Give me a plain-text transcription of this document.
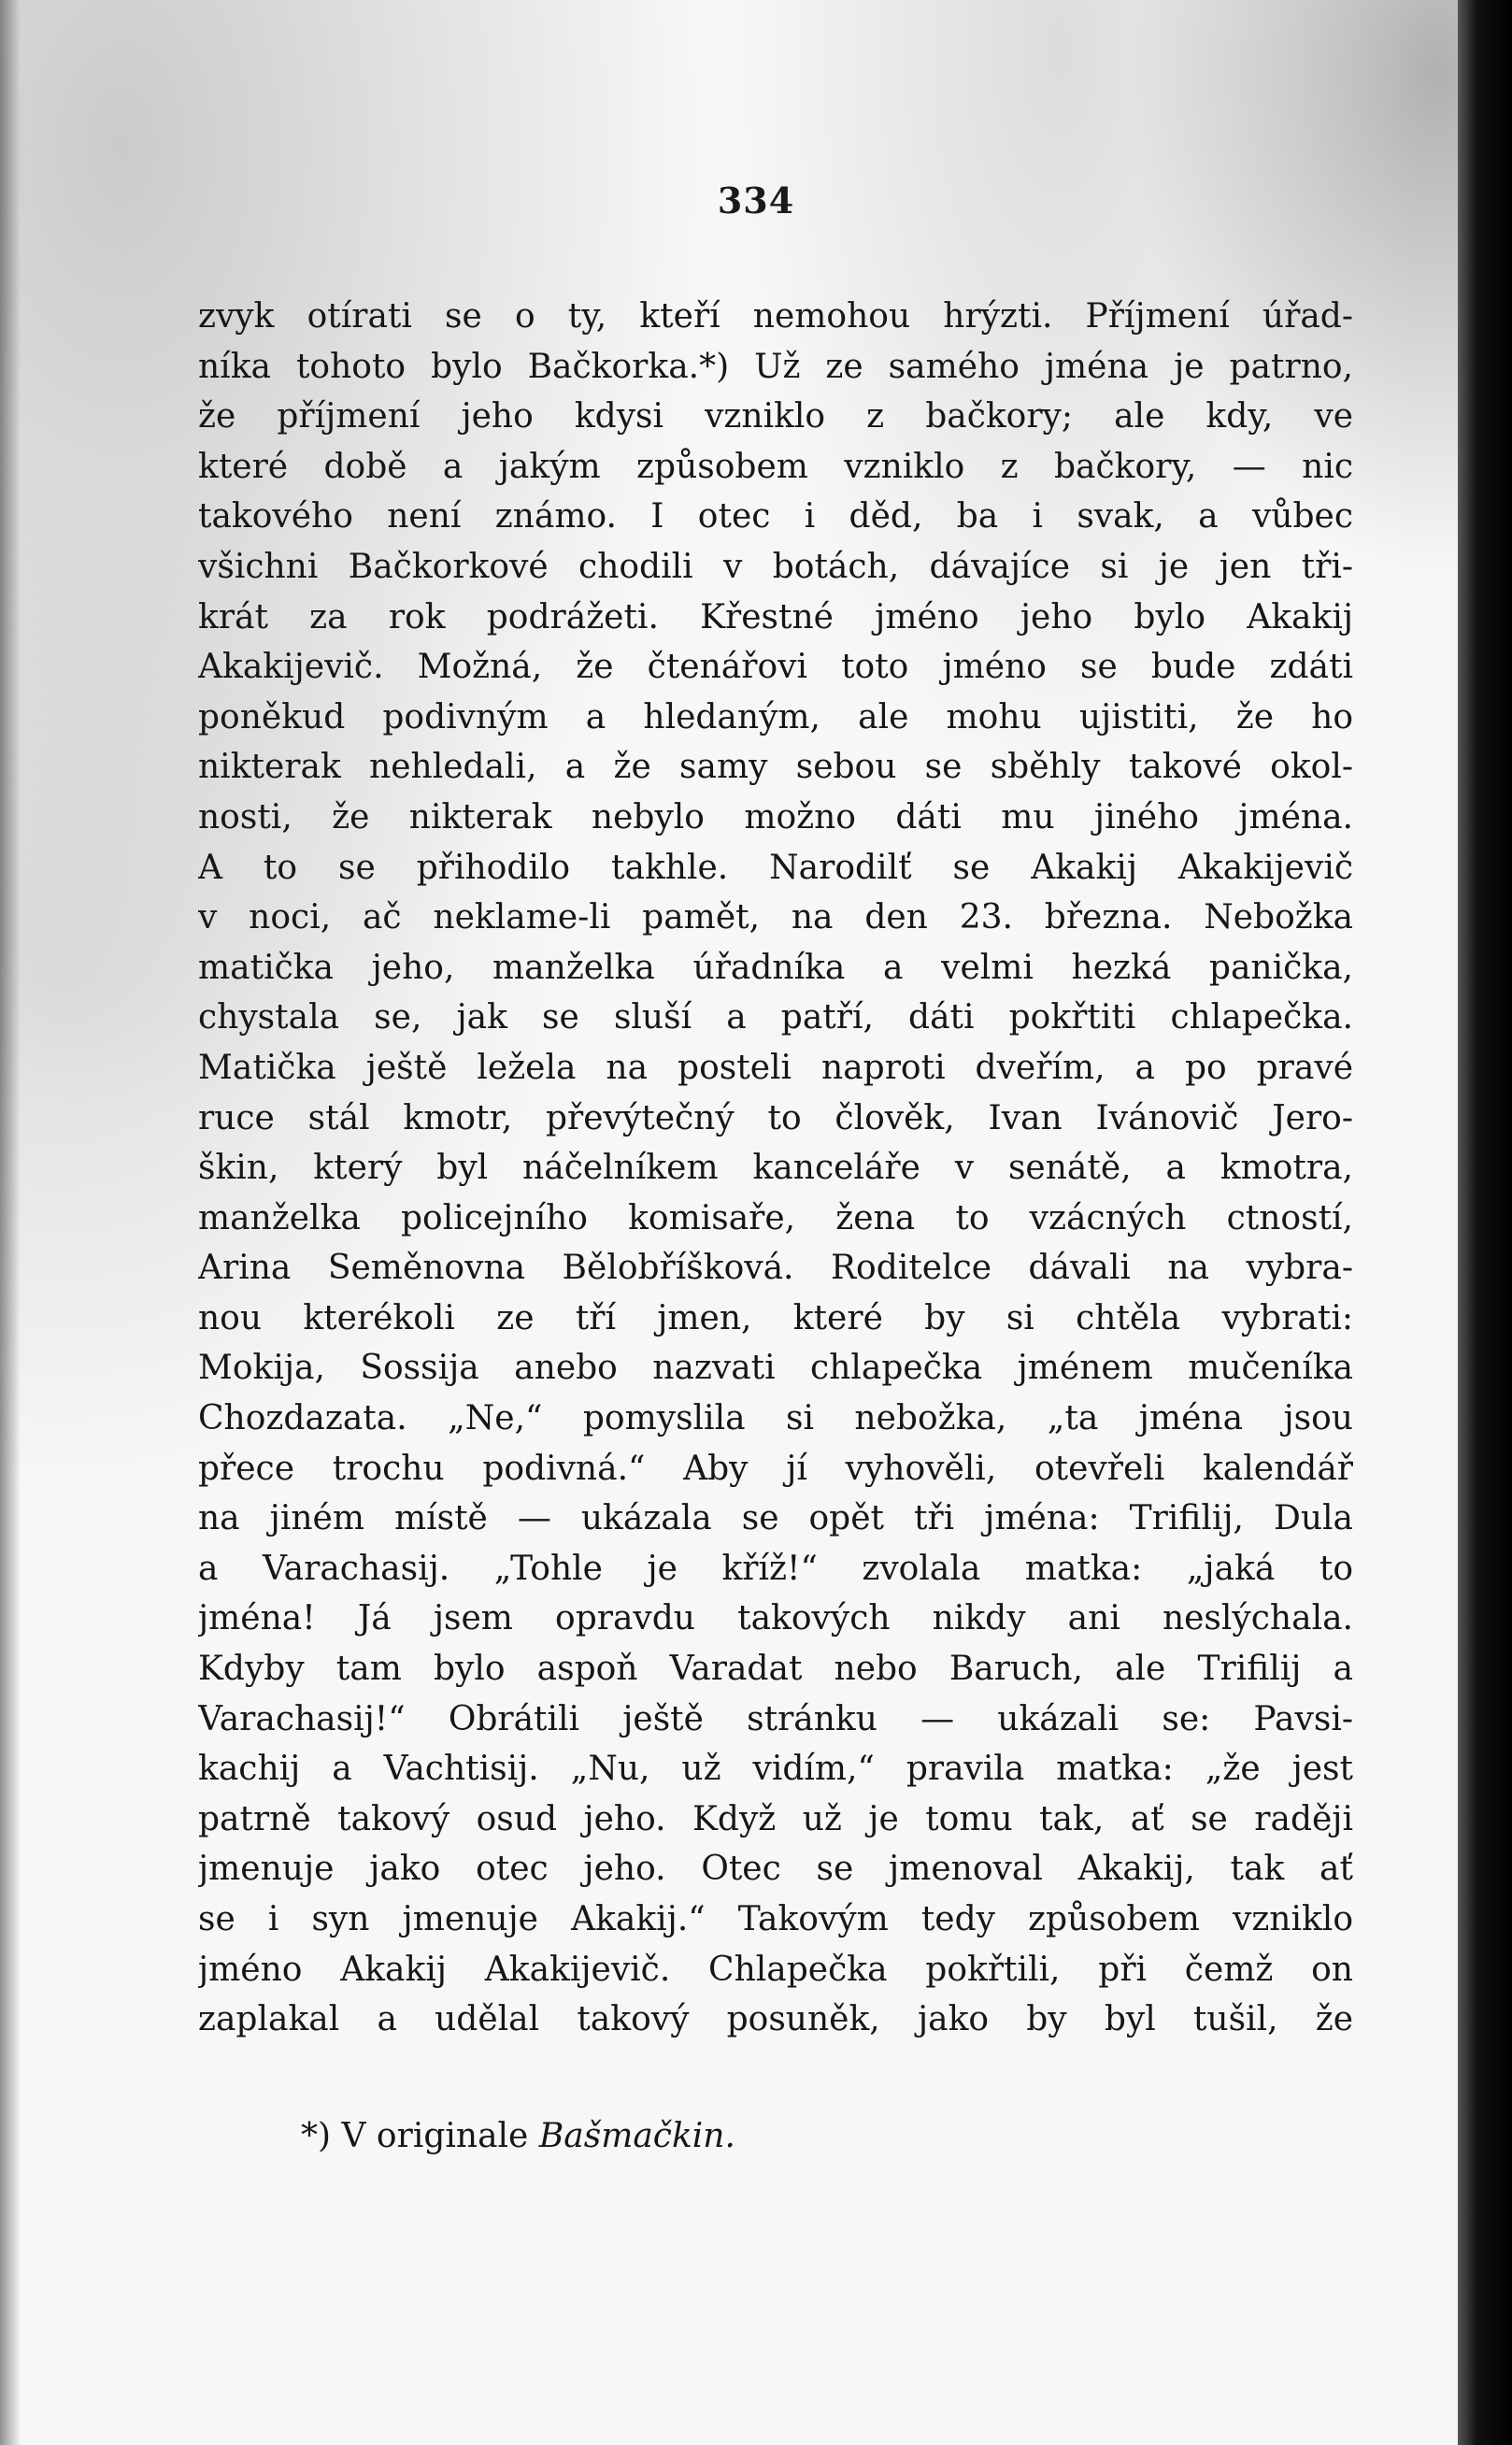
334
zvyk otírati se o ty, kteří nemohou hrýzti. Příjmení úřad-
níka tohoto bylo Bačkorka.*) Už ze samého jména je patrno,
že příjmení jeho kdysi vzniklo z bačkory; ale kdy, ve
které době a jakým způsobem vzniklo z bačkory, — nic
takového není známo. I otec i děd, ba i svak, a vůbec
všichni Bačkorkové chodili v botách, dávajíce si je jen tři-
krát za rok podrážeti. Křestné jméno jeho bylo Akakij
Akakijevič. Možná, že čtenářovi toto jméno se bude zdáti
poněkud podivným a hledaným, ale mohu ujistiti, že ho
nikterak nehledali, a že samy sebou se sběhly takové okol-
nosti, že nikterak nebylo možno dáti mu jiného jména.
A to se přihodilo takhle. Narodilť se Akakij Akakijevič
v noci, ač neklame-li pamět, na den 23. března. Nebožka
matička jeho, manželka úřadníka a velmi hezká panička,
chystala se, jak se sluší a patří, dáti pokřtiti chlapečka.
Matička ještě ležela na posteli naproti dveřím, a po pravé
ruce stál kmotr, převýtečný to člověk, Ivan Ivánovič Jero-
škin, který byl náčelníkem kanceláře v senátě, a kmotra,
manželka policejního komisaře, žena to vzácných ctností,
Arina Seměnovna Bělobříšková. Roditelce dávali na vybra-
nou kterékoli ze tří jmen, které by si chtěla vybrati:
Mokija, Sossija anebo nazvati chlapečka jménem mučeníka
Chozdazata. „Ne,“ pomyslila si nebožka, „ta jména jsou
přece trochu podivná.“ Aby jí vyhověli, otevřeli kalendář
na jiném místě — ukázala se opět tři jména: Trifilij, Dula
a Varachasij. „Tohle je kříž!“ zvolala matka: „jaká to
jména! Já jsem opravdu takových nikdy ani neslýchala.
Kdyby tam bylo aspoň Varadat nebo Baruch, ale Trifilij a
Varachasij!“ Obrátili ještě stránku — ukázali se: Pavsi-
kachij a Vachtisij. „Nu, už vidím,“ pravila matka: „že jest
patrně takový osud jeho. Když už je tomu tak, ať se raději
jmenuje jako otec jeho. Otec se jmenoval Akakij, tak ať
se i syn jmenuje Akakij.“ Takovým tedy způsobem vzniklo
jméno Akakij Akakijevič. Chlapečka pokřtili, při čemž on
zaplakal a udělal takový posuněk, jako by byl tušil, že
*) V originale Bašmačkin.
